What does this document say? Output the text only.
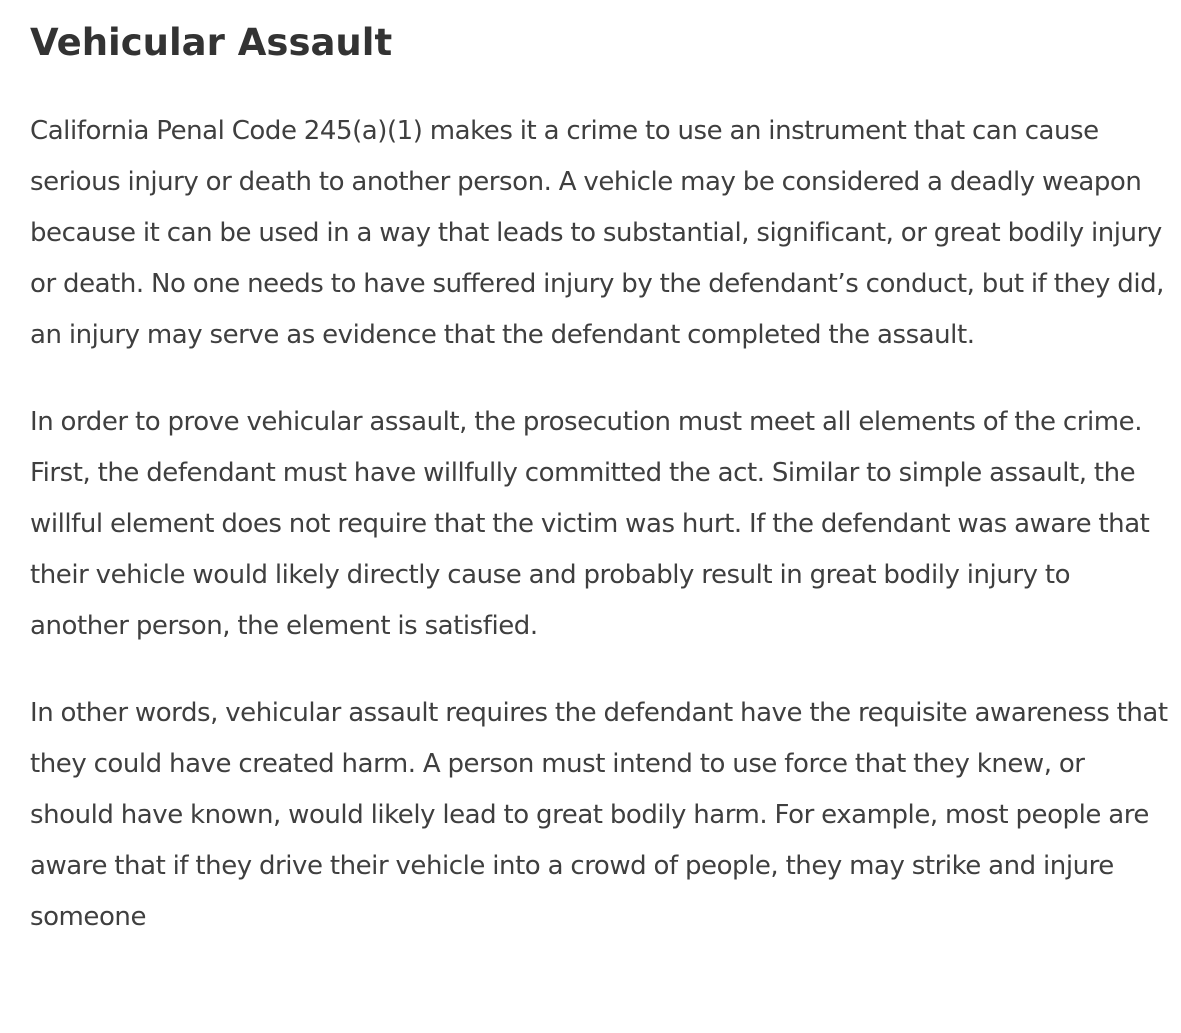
Vehicular Assault

California Penal Code 245(a)(1) makes it a crime to use an instrument that can cause serious injury or death to another person. A vehicle may be considered a deadly weapon because it can be used in a way that leads to substantial, significant, or great bodily injury or death. No one needs to have suffered injury by the defendant’s conduct, but if they did, an injury may serve as evidence that the defendant completed the assault.

In order to prove vehicular assault, the prosecution must meet all elements of the crime. First, the defendant must have willfully committed the act. Similar to simple assault, the willful element does not require that the victim was hurt. If the defendant was aware that their vehicle would likely directly cause and probably result in great bodily injury to another person, the element is satisfied.

In other words, vehicular assault requires the defendant have the requisite awareness that they could have created harm. A person must intend to use force that they knew, or should have known, would likely lead to great bodily harm. For example, most people are aware that if they drive their vehicle into a crowd of people, they may strike and injure someone
